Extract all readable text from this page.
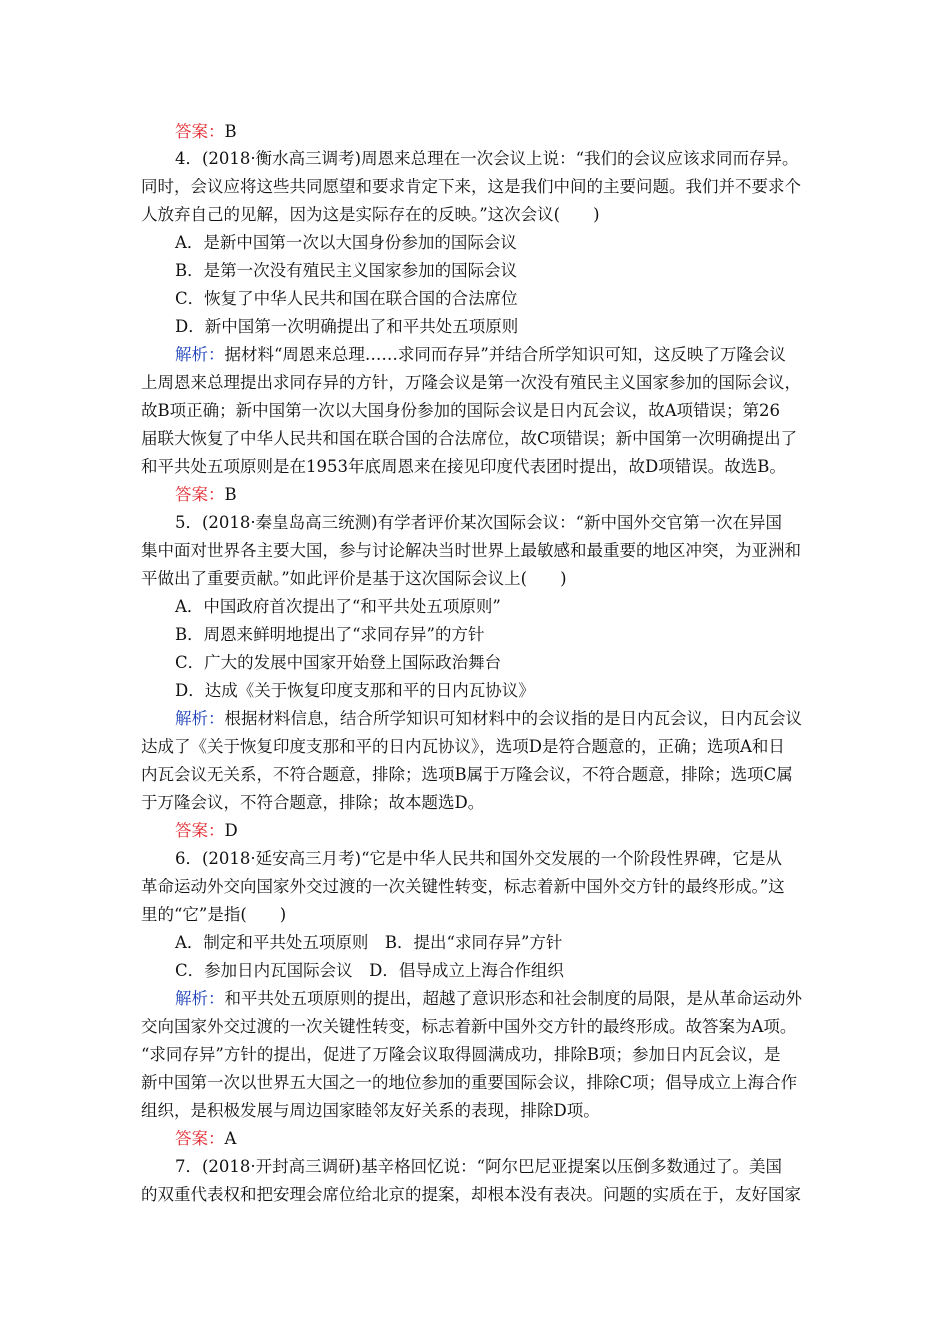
答案：B
4．(2018·衡水高三调考)周恩来总理在一次会议上说：“我们的会议应该求同而存异。
同时，会议应将这些共同愿望和要求肯定下来，这是我们中间的主要问题。我们并不要求个
人放弃自己的见解，因为这是实际存在的反映。”这次会议(　　)
A．是新中国第一次以大国身份参加的国际会议
B．是第一次没有殖民主义国家参加的国际会议
C．恢复了中华人民共和国在联合国的合法席位
D．新中国第一次明确提出了和平共处五项原则
解析：据材料“周恩来总理……求同而存异”并结合所学知识可知，这反映了万隆会议
上周恩来总理提出求同存异的方针，万隆会议是第一次没有殖民主义国家参加的国际会议，
故B项正确；新中国第一次以大国身份参加的国际会议是日内瓦会议，故A项错误；第26
届联大恢复了中华人民共和国在联合国的合法席位，故C项错误；新中国第一次明确提出了
和平共处五项原则是在1953年底周恩来在接见印度代表团时提出，故D项错误。故选B。
答案：B
5．(2018·秦皇岛高三统测)有学者评价某次国际会议：“新中国外交官第一次在异国
集中面对世界各主要大国，参与讨论解决当时世界上最敏感和最重要的地区冲突，为亚洲和
平做出了重要贡献。”如此评价是基于这次国际会议上(　　)
A．中国政府首次提出了“和平共处五项原则”
B．周恩来鲜明地提出了“求同存异”的方针
C．广大的发展中国家开始登上国际政治舞台
D．达成《关于恢复印度支那和平的日内瓦协议》
解析：根据材料信息，结合所学知识可知材料中的会议指的是日内瓦会议，日内瓦会议
达成了《关于恢复印度支那和平的日内瓦协议》，选项D是符合题意的，正确；选项A和日
内瓦会议无关系，不符合题意，排除；选项B属于万隆会议，不符合题意，排除；选项C属
于万隆会议，不符合题意，排除；故本题选D。
答案：D
6．(2018·延安高三月考)“它是中华人民共和国外交发展的一个阶段性界碑，它是从
革命运动外交向国家外交过渡的一次关键性转变，标志着新中国外交方针的最终形成。”这
里的“它”是指(　　)
A．制定和平共处五项原则　B．提出“求同存异”方针
C．参加日内瓦国际会议　D．倡导成立上海合作组织
解析：和平共处五项原则的提出，超越了意识形态和社会制度的局限，是从革命运动外
交向国家外交过渡的一次关键性转变，标志着新中国外交方针的最终形成。故答案为A项。
“求同存异”方针的提出，促进了万隆会议取得圆满成功，排除B项；参加日内瓦会议，是
新中国第一次以世界五大国之一的地位参加的重要国际会议，排除C项；倡导成立上海合作
组织，是积极发展与周边国家睦邻友好关系的表现，排除D项。
答案：A
7．(2018·开封高三调研)基辛格回忆说：“阿尔巴尼亚提案以压倒多数通过了。美国
的双重代表权和把安理会席位给北京的提案，却根本没有表决。问题的实质在于，友好国家
